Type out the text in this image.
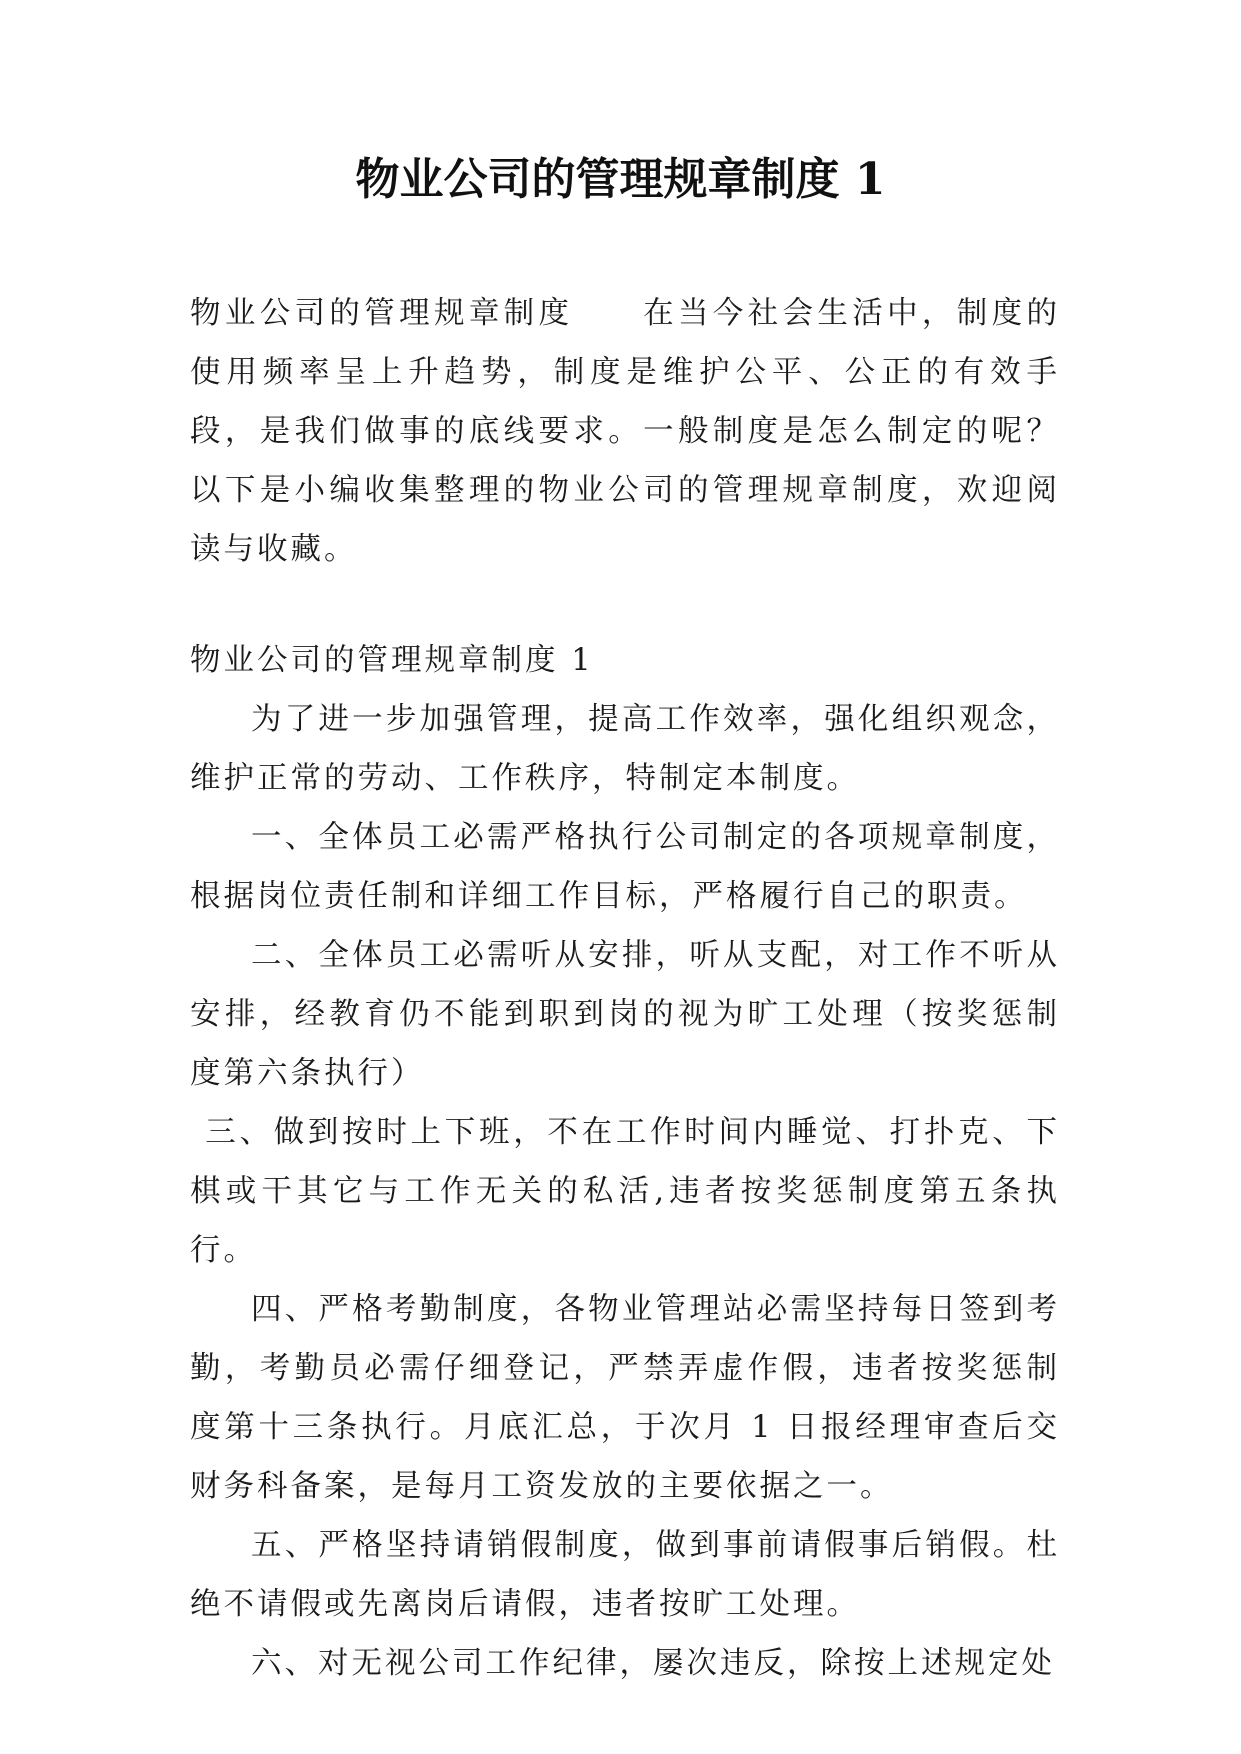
物业公司的管理规章制度 1

物业公司的管理规章制度　　在当今社会生活中，制度的使用频率呈上升趋势，制度是维护公平、公正的有效手段，是我们做事的底线要求。一般制度是怎么制定的呢？以下是小编收集整理的物业公司的管理规章制度，欢迎阅读与收藏。

物业公司的管理规章制度 1

为了进一步加强管理，提高工作效率，强化组织观念，维护正常的劳动、工作秩序，特制定本制度。

一、全体员工必需严格执行公司制定的各项规章制度，根据岗位责任制和详细工作目标，严格履行自己的职责。

二、全体员工必需听从安排，听从支配，对工作不听从安排，经教育仍不能到职到岗的视为旷工处理（按奖惩制度第六条执行）

三、做到按时上下班，不在工作时间内睡觉、打扑克、下棋或干其它与工作无关的私活,违者按奖惩制度第五条执行。

四、严格考勤制度，各物业管理站必需坚持每日签到考勤，考勤员必需仔细登记，严禁弄虚作假，违者按奖惩制度第十三条执行。月底汇总，于次月 1 日报经理审查后交财务科备案，是每月工资发放的主要依据之一。

五、严格坚持请销假制度，做到事前请假事后销假。杜绝不请假或先离岗后请假，违者按旷工处理。

六、对无视公司工作纪律，屡次违反，除按上述规定处
